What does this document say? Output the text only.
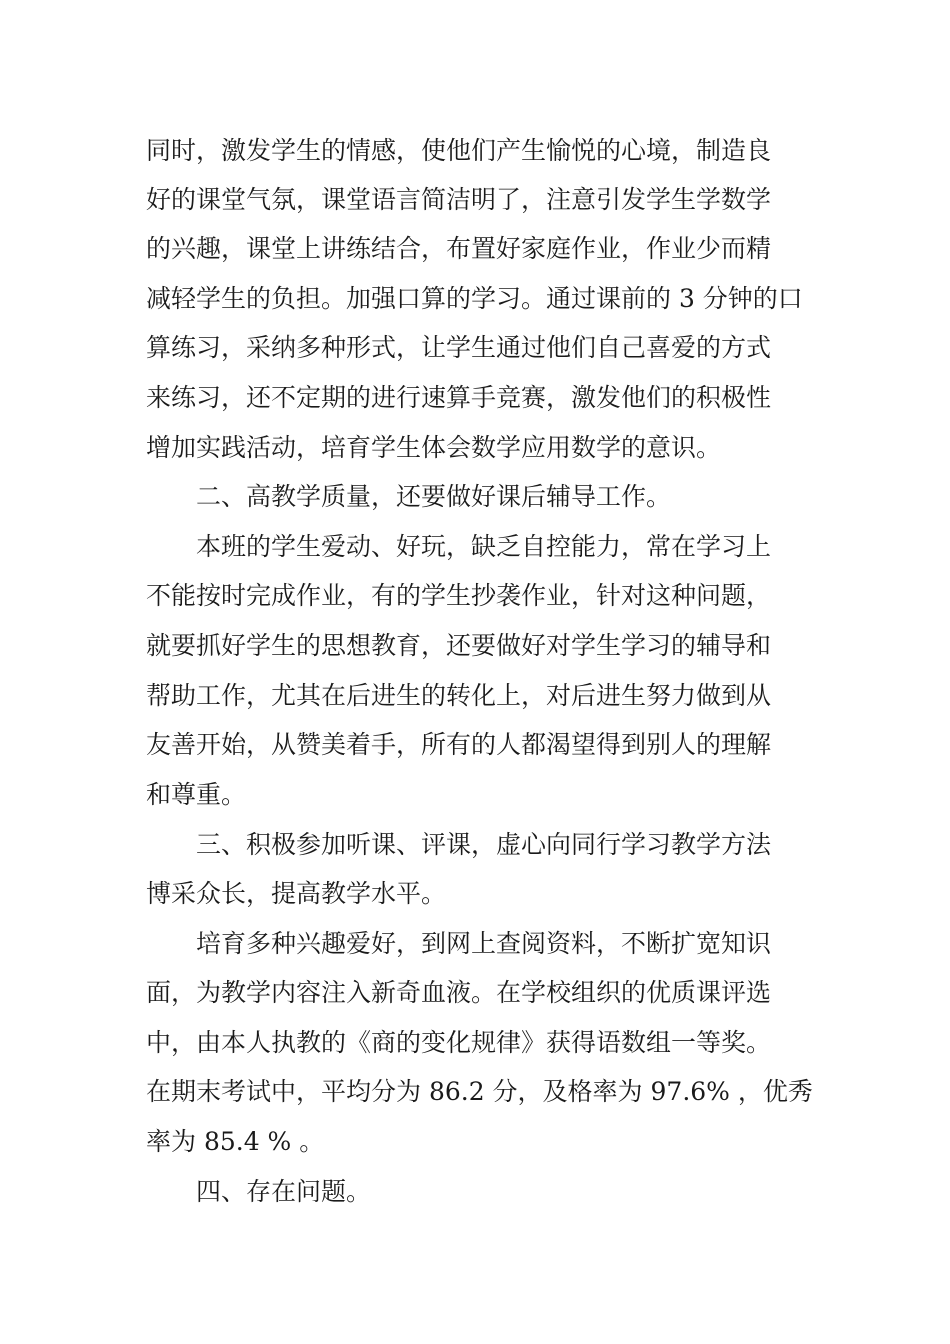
同时，激发学生的情感，使他们产生愉悦的心境，制造良
好的课堂气氛，课堂语言简洁明了，注意引发学生学数学
的兴趣，课堂上讲练结合，布置好家庭作业，作业少而精
减轻学生的负担。加强口算的学习。通过课前的 3 分钟的口
算练习，采纳多种形式，让学生通过他们自己喜爱的方式
来练习，还不定期的进行速算手竞赛，激发他们的积极性
增加实践活动，培育学生体会数学应用数学的意识。
二、高教学质量，还要做好课后辅导工作。
本班的学生爱动、好玩，缺乏自控能力，常在学习上
不能按时完成作业，有的学生抄袭作业，针对这种问题，
就要抓好学生的思想教育，还要做好对学生学习的辅导和
帮助工作，尤其在后进生的转化上，对后进生努力做到从
友善开始，从赞美着手，所有的人都渴望得到别人的理解
和尊重。
三、积极参加听课、评课，虚心向同行学习教学方法
博采众长，提高教学水平。
培育多种兴趣爱好，到网上查阅资料，不断扩宽知识
面，为教学内容注入新奇血液。在学校组织的优质课评选
中，由本人执教的《商的变化规律》获得语数组一等奖。
在期末考试中，平均分为 86.2 分，及格率为 97.6% ，优秀
率为 85.4 % 。
四、存在问题。
